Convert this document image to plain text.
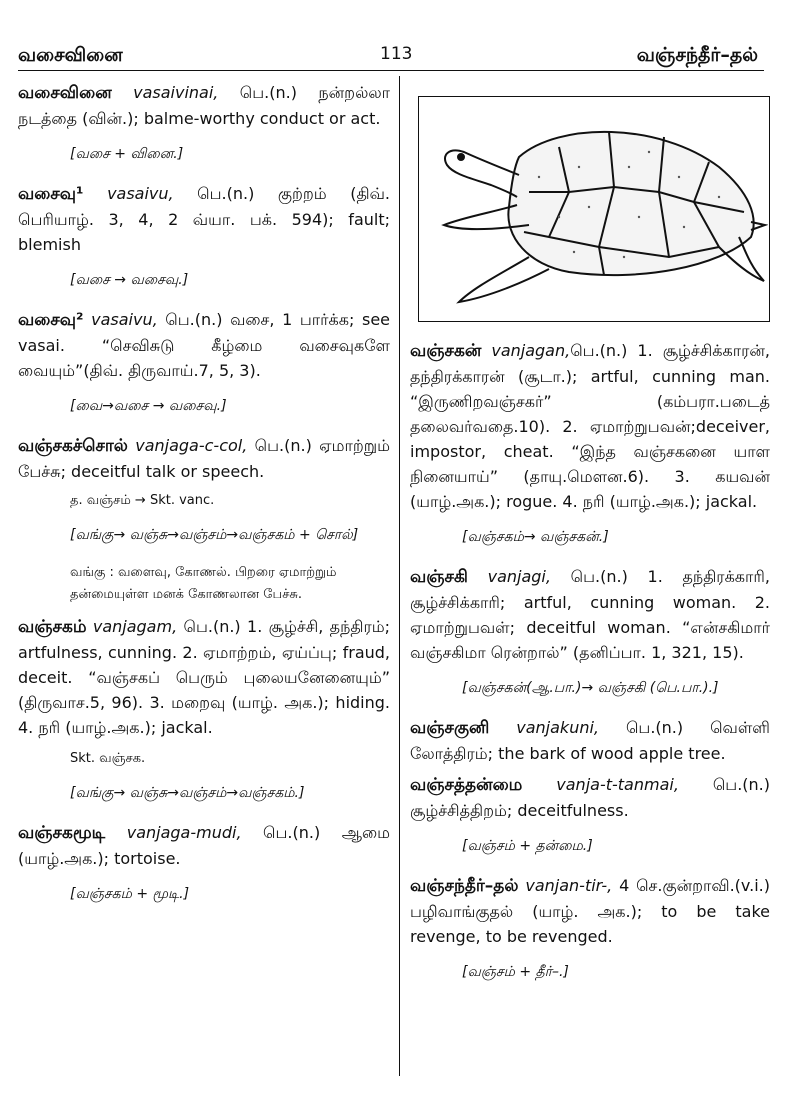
வசைவினை	113	வஞ்சந்தீர்–தல்

வசைவினை vasaivinai, பெ.(n.) நன்றல்லா நடத்தை (வின்.); balme-worthy conduct or act.

[வசை + வினை.]

வசைவு¹ vasaivu, பெ.(n.) குற்றம் (திவ். பெரியாழ். 3, 4, 2 வ்யா. பக். 594); fault; blemish

[வசை → வசைவு.]

வசைவு² vasaivu, பெ.(n.) வசை, 1 பார்க்க; see vasai. “செவிசுடு கீழ்மை வசைவுகளே வையும்”(திவ். திருவாய்.7, 5, 3).

[வை→வசை → வசைவு.]

வஞ்சகச்சொல் vanjaga-c-col, பெ.(n.) ஏமாற்றும் பேச்சு; deceitful talk or speech.

த. வஞ்சம் → Skt. vanc.
[வங்கு→ வஞ்சு→வஞ்சம்→வஞ்சகம் + சொல்]
வங்கு : வளைவு, கோணல். பிறரை ஏமாற்றும் தன்மையுள்ள மனக் கோணலான பேச்சு.

வஞ்சகம் vanjagam, பெ.(n.) 1. சூழ்ச்சி, தந்திரம்; artfulness, cunning. 2. ஏமாற்றம், ஏய்ப்பு; fraud, deceit. “வஞ்சகப் பெரும் புலையனேனையும்” (திருவாச.5, 96). 3. மறைவு (யாழ். அக.); hiding. 4. நரி (யாழ்.அக.); jackal.

Skt. வஞ்சக.
[வங்கு→ வஞ்சு→வஞ்சம்→வஞ்சகம்.]

வஞ்சகமூடி vanjaga-mudi, பெ.(n.) ஆமை (யாழ்.அக.); tortoise.

[வஞ்சகம் + மூடி.]

வஞ்சகன் vanjagan,பெ.(n.) 1. சூழ்ச்சிக்காரன், தந்திரக்காரன் (சூடா.); artful, cunning man. “இருணிறவஞ்சகர்” (கம்பரா.படைத் தலைவர்வதை.10). 2. ஏமாற்றுபவன்;deceiver, impostor, cheat. “இந்த வஞ்சகனை யாள நினையாய்” (தாயு.மௌன.6). 3. கயவன் (யாழ்.அக.); rogue. 4. நரி (யாழ்.அக.); jackal.

[வஞ்சகம்→ வஞ்சகன்.]

வஞ்சகி vanjagi, பெ.(n.) 1. தந்திரக்காரி, சூழ்ச்சிக்காரி; artful, cunning woman. 2. ஏமாற்றுபவள்; deceitful woman. “என்சகிமார் வஞ்சகிமா ரென்றால்” (தனிப்பா. 1, 321, 15).

[வஞ்சகன்(ஆ.பா.)→ வஞ்சகி (பெ.பா.).]

வஞ்சகுனி vanjakuni, பெ.(n.) வெள்ளி லோத்திரம்; the bark of wood apple tree.

வஞ்சத்தன்மை vanja-t-tanmai, பெ.(n.) சூழ்ச்சித்திறம்; deceitfulness.

[வஞ்சம் + தன்மை.]

வஞ்சந்தீர்–தல் vanjan-tir-, 4 செ.குன்றாவி.(v.i.) பழிவாங்குதல் (யாழ். அக.); to be take revenge, to be revenged.

[வஞ்சம் + தீர்–.]
